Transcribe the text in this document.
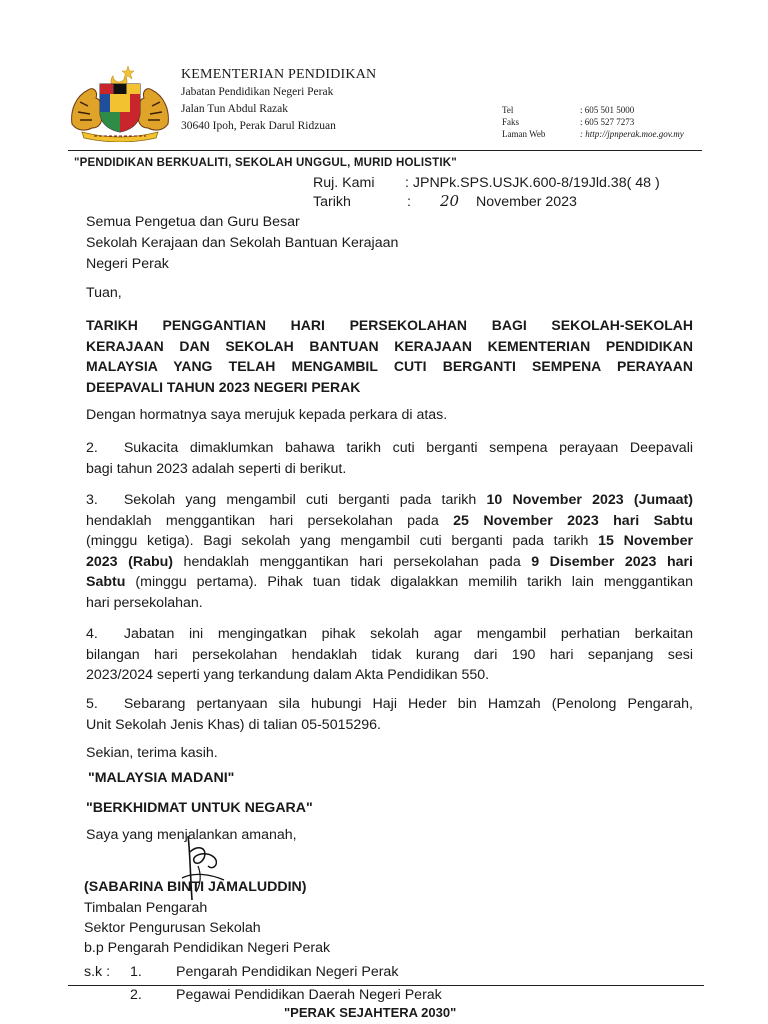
KEMENTERIAN PENDIDIKAN
Jabatan Pendidikan Negeri Perak
Jalan Tun Abdul Razak
30640 Ipoh, Perak Darul Ridzuan
Tel	: 605 501 5000
Faks	: 605 527 7273
Laman Web	: http://jpnperak.moe.gov.my
"PENDIDIKAN BERKUALITI, SEKOLAH UNGGUL, MURID HOLISTIK"
Ruj. Kami : JPNPk.SPS.USJK.600-8/19Jld.38( 48 )
Tarikh	: 20 November 2023
Semua Pengetua dan Guru Besar
Sekolah Kerajaan dan Sekolah Bantuan Kerajaan
Negeri Perak
Tuan,
TARIKH PENGGANTIAN HARI PERSEKOLAHAN BAGI SEKOLAH-SEKOLAH
KERAJAAN DAN SEKOLAH BANTUAN KERAJAAN KEMENTERIAN PENDIDIKAN
MALAYSIA YANG TELAH MENGAMBIL CUTI BERGANTI SEMPENA PERAYAAN
DEEPAVALI TAHUN 2023 NEGERI PERAK
Dengan hormatnya saya merujuk kepada perkara di atas.
2. Sukacita dimaklumkan bahawa tarikh cuti berganti sempena perayaan Deepavali
bagi tahun 2023 adalah seperti di berikut.
3. Sekolah yang mengambil cuti berganti pada tarikh 10 November 2023 (Jumaat)
hendaklah menggantikan hari persekolahan pada 25 November 2023 hari Sabtu
(minggu ketiga). Bagi sekolah yang mengambil cuti berganti pada tarikh 15 November
2023 (Rabu) hendaklah menggantikan hari persekolahan pada 9 Disember 2023 hari
Sabtu (minggu pertama). Pihak tuan tidak digalakkan memilih tarikh lain menggantikan
hari persekolahan.
4. Jabatan ini mengingatkan pihak sekolah agar mengambil perhatian berkaitan
bilangan hari persekolahan hendaklah tidak kurang dari 190 hari sepanjang sesi
2023/2024 seperti yang terkandung dalam Akta Pendidikan 550.
5. Sebarang pertanyaan sila hubungi Haji Heder bin Hamzah (Penolong Pengarah,
Unit Sekolah Jenis Khas) di talian 05-5015296.
Sekian, terima kasih.
"MALAYSIA MADANI"
"BERKHIDMAT UNTUK NEGARA"
Saya yang menjalankan amanah,
(SABARINA BINTI JAMALUDDIN)
Timbalan Pengarah
Sektor Pengurusan Sekolah
b.p Pengarah Pendidikan Negeri Perak
s.k : 1. Pengarah Pendidikan Negeri Perak
2. Pegawai Pendidikan Daerah Negeri Perak
"PERAK SEJAHTERA 2030"
